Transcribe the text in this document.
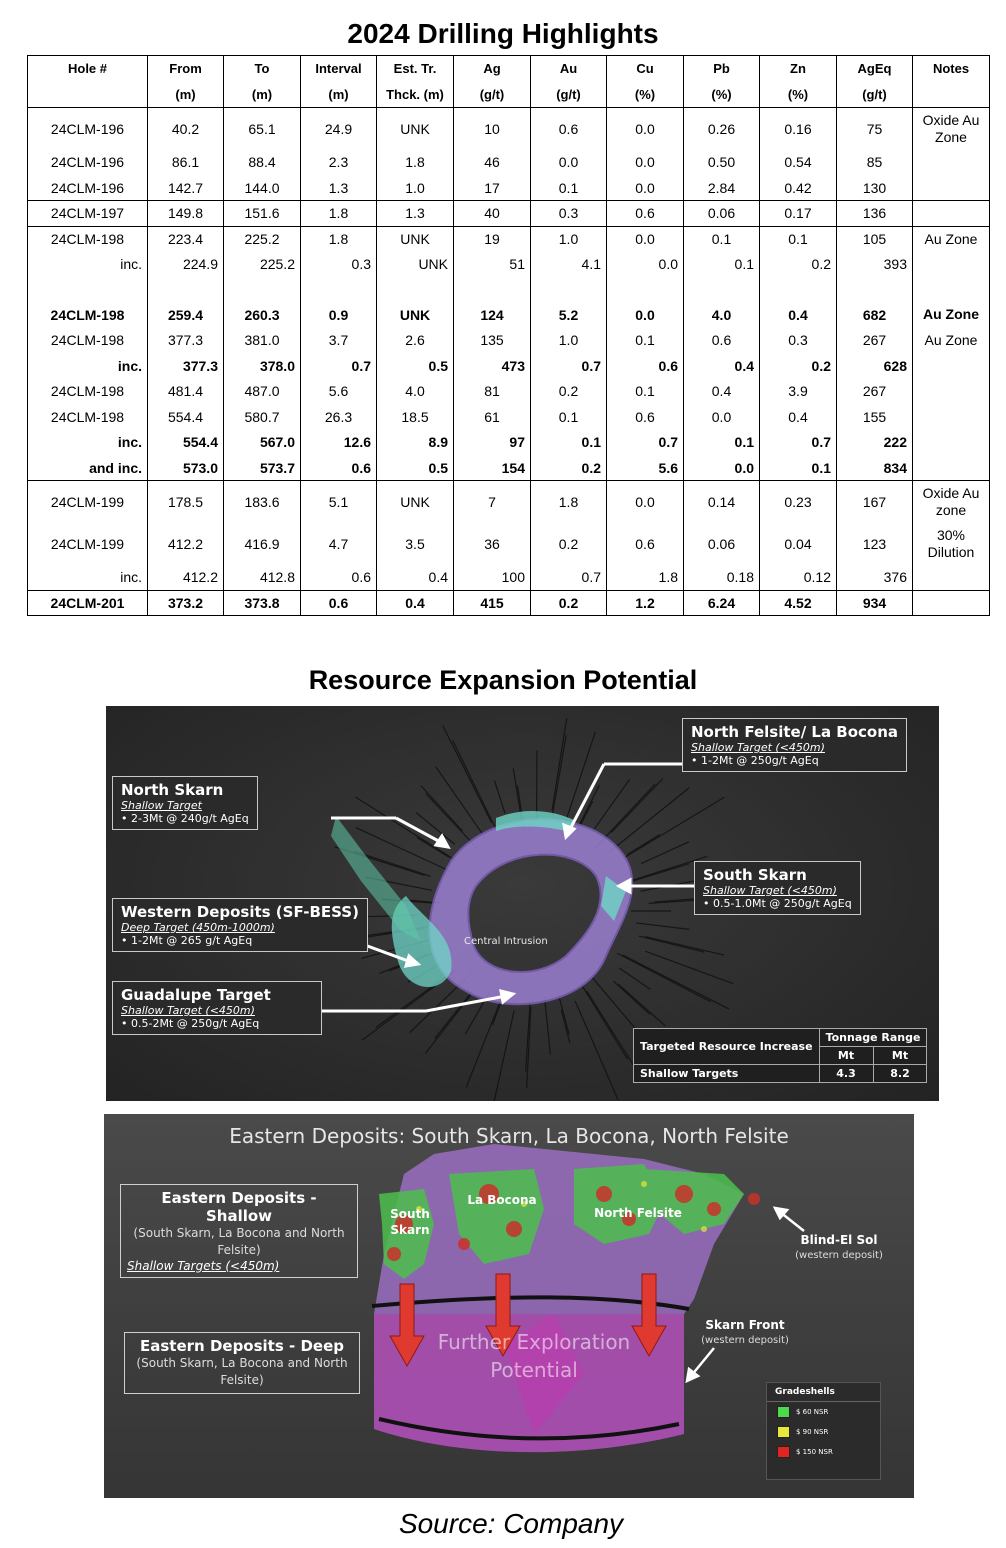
2024 Drilling Highlights
Hole #	From	To	Interval	Est. Tr.	Ag	Au	Cu	Pb	Zn	AgEq	Notes
	(m)	(m)	(m)	Thck. (m)	(g/t)	(g/t)	(%)	(%)	(%)	(g/t)	
24CLM-196	40.2	65.1	24.9	UNK	10	0.6	0.0	0.26	0.16	75	Oxide Au Zone
24CLM-196	86.1	88.4	2.3	1.8	46	0.0	0.0	0.50	0.54	85	
24CLM-196	142.7	144.0	1.3	1.0	17	0.1	0.0	2.84	0.42	130	
24CLM-197	149.8	151.6	1.8	1.3	40	0.3	0.6	0.06	0.17	136	
24CLM-198	223.4	225.2	1.8	UNK	19	1.0	0.0	0.1	0.1	105	Au Zone
inc.	224.9	225.2	0.3	UNK	51	4.1	0.0	0.1	0.2	393	

24CLM-198	259.4	260.3	0.9	UNK	124	5.2	0.0	4.0	0.4	682	Au Zone
24CLM-198	377.3	381.0	3.7	2.6	135	1.0	0.1	0.6	0.3	267	Au Zone
inc.	377.3	378.0	0.7	0.5	473	0.7	0.6	0.4	0.2	628	
24CLM-198	481.4	487.0	5.6	4.0	81	0.2	0.1	0.4	3.9	267	
24CLM-198	554.4	580.7	26.3	18.5	61	0.1	0.6	0.0	0.4	155	
inc.	554.4	567.0	12.6	8.9	97	0.1	0.7	0.1	0.7	222	
and inc.	573.0	573.7	0.6	0.5	154	0.2	5.6	0.0	0.1	834	
24CLM-199	178.5	183.6	5.1	UNK	7	1.8	0.0	0.14	0.23	167	Oxide Au zone
24CLM-199	412.2	416.9	4.7	3.5	36	0.2	0.6	0.06	0.04	123	30% Dilution
inc.	412.2	412.8	0.6	0.4	100	0.7	1.8	0.18	0.12	376	
24CLM-201	373.2	373.8	0.6	0.4	415	0.2	1.2	6.24	4.52	934	
Resource Expansion Potential
North Felsite/ La Bocona
Shallow Target (<450m)
• 1-2Mt @ 250g/t AgEq
North Skarn
Shallow Target
• 2-3Mt @ 240g/t AgEq
South Skarn
Shallow Target (<450m)
• 0.5-1.0Mt @ 250g/t AgEq
Western Deposits (SF-BESS)
Deep Target (450m-1000m)
• 1-2Mt @ 265 g/t AgEq
Guadalupe Target
Shallow Target (<450m)
• 0.5-2Mt @ 250g/t AgEq
Central Intrusion
Targeted Resource Increase	Tonnage Range	
	Mt	Mt
Shallow Targets	4.3	8.2
Eastern Deposits: South Skarn, La Bocona, North Felsite
Eastern Deposits - Shallow
(South Skarn, La Bocona and North Felsite)
Shallow Targets (<450m)
Eastern Deposits - Deep
(South Skarn, La Bocona and North Felsite)
South Skarn
La Bocona
North Felsite
Blind-El Sol
(western deposit)
Skarn Front
(western deposit)
Further Exploration Potential
Gradeshells
$ 60 NSR
$ 90 NSR
$ 150 NSR
Source: Company
